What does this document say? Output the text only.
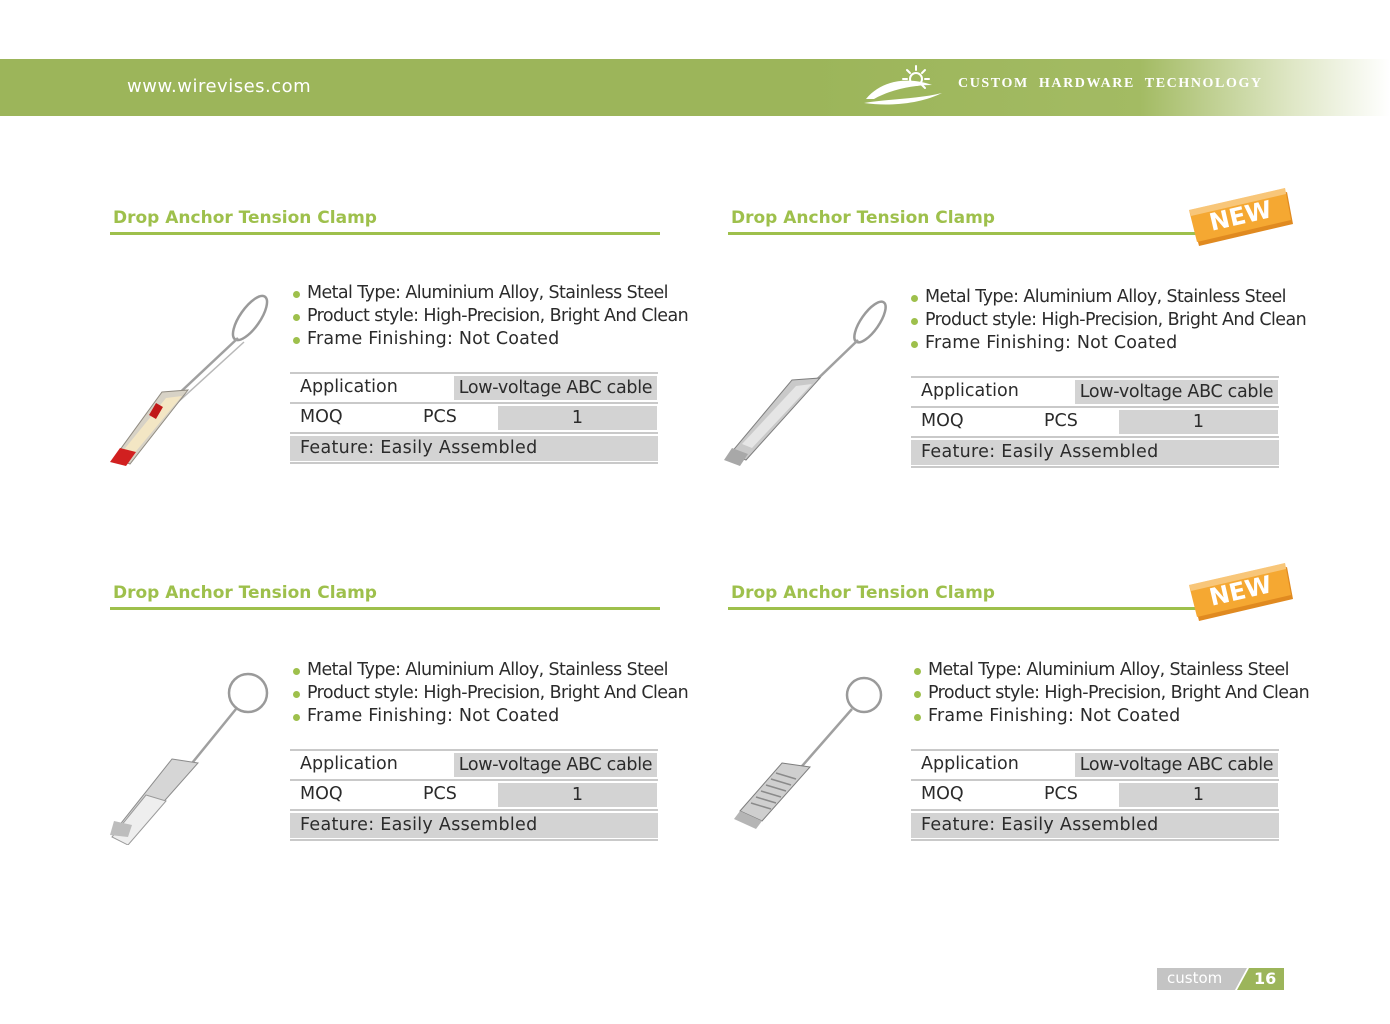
www.wirevises.com	CUSTOM HARDWARE TECHNOLOGY
Drop Anchor Tension Clamp
Metal Type: Aluminium Alloy, Stainless Steel
Product style: High-Precision, Bright And Clean
Frame Finishing: Not Coated
Application	Low-voltage ABC cable
MOQ	PCS	1
Feature: Easily Assembled
Drop Anchor Tension Clamp	NEW
Metal Type: Aluminium Alloy, Stainless Steel
Product style: High-Precision, Bright And Clean
Frame Finishing: Not Coated
Application	Low-voltage ABC cable
MOQ	PCS	1
Feature: Easily Assembled
Drop Anchor Tension Clamp
Metal Type: Aluminium Alloy, Stainless Steel
Product style: High-Precision, Bright And Clean
Frame Finishing: Not Coated
Application	Low-voltage ABC cable
MOQ	PCS	1
Feature: Easily Assembled
Drop Anchor Tension Clamp	NEW
Metal Type: Aluminium Alloy, Stainless Steel
Product style: High-Precision, Bright And Clean
Frame Finishing: Not Coated
Application	Low-voltage ABC cable
MOQ	PCS	1
Feature: Easily Assembled
custom 16
